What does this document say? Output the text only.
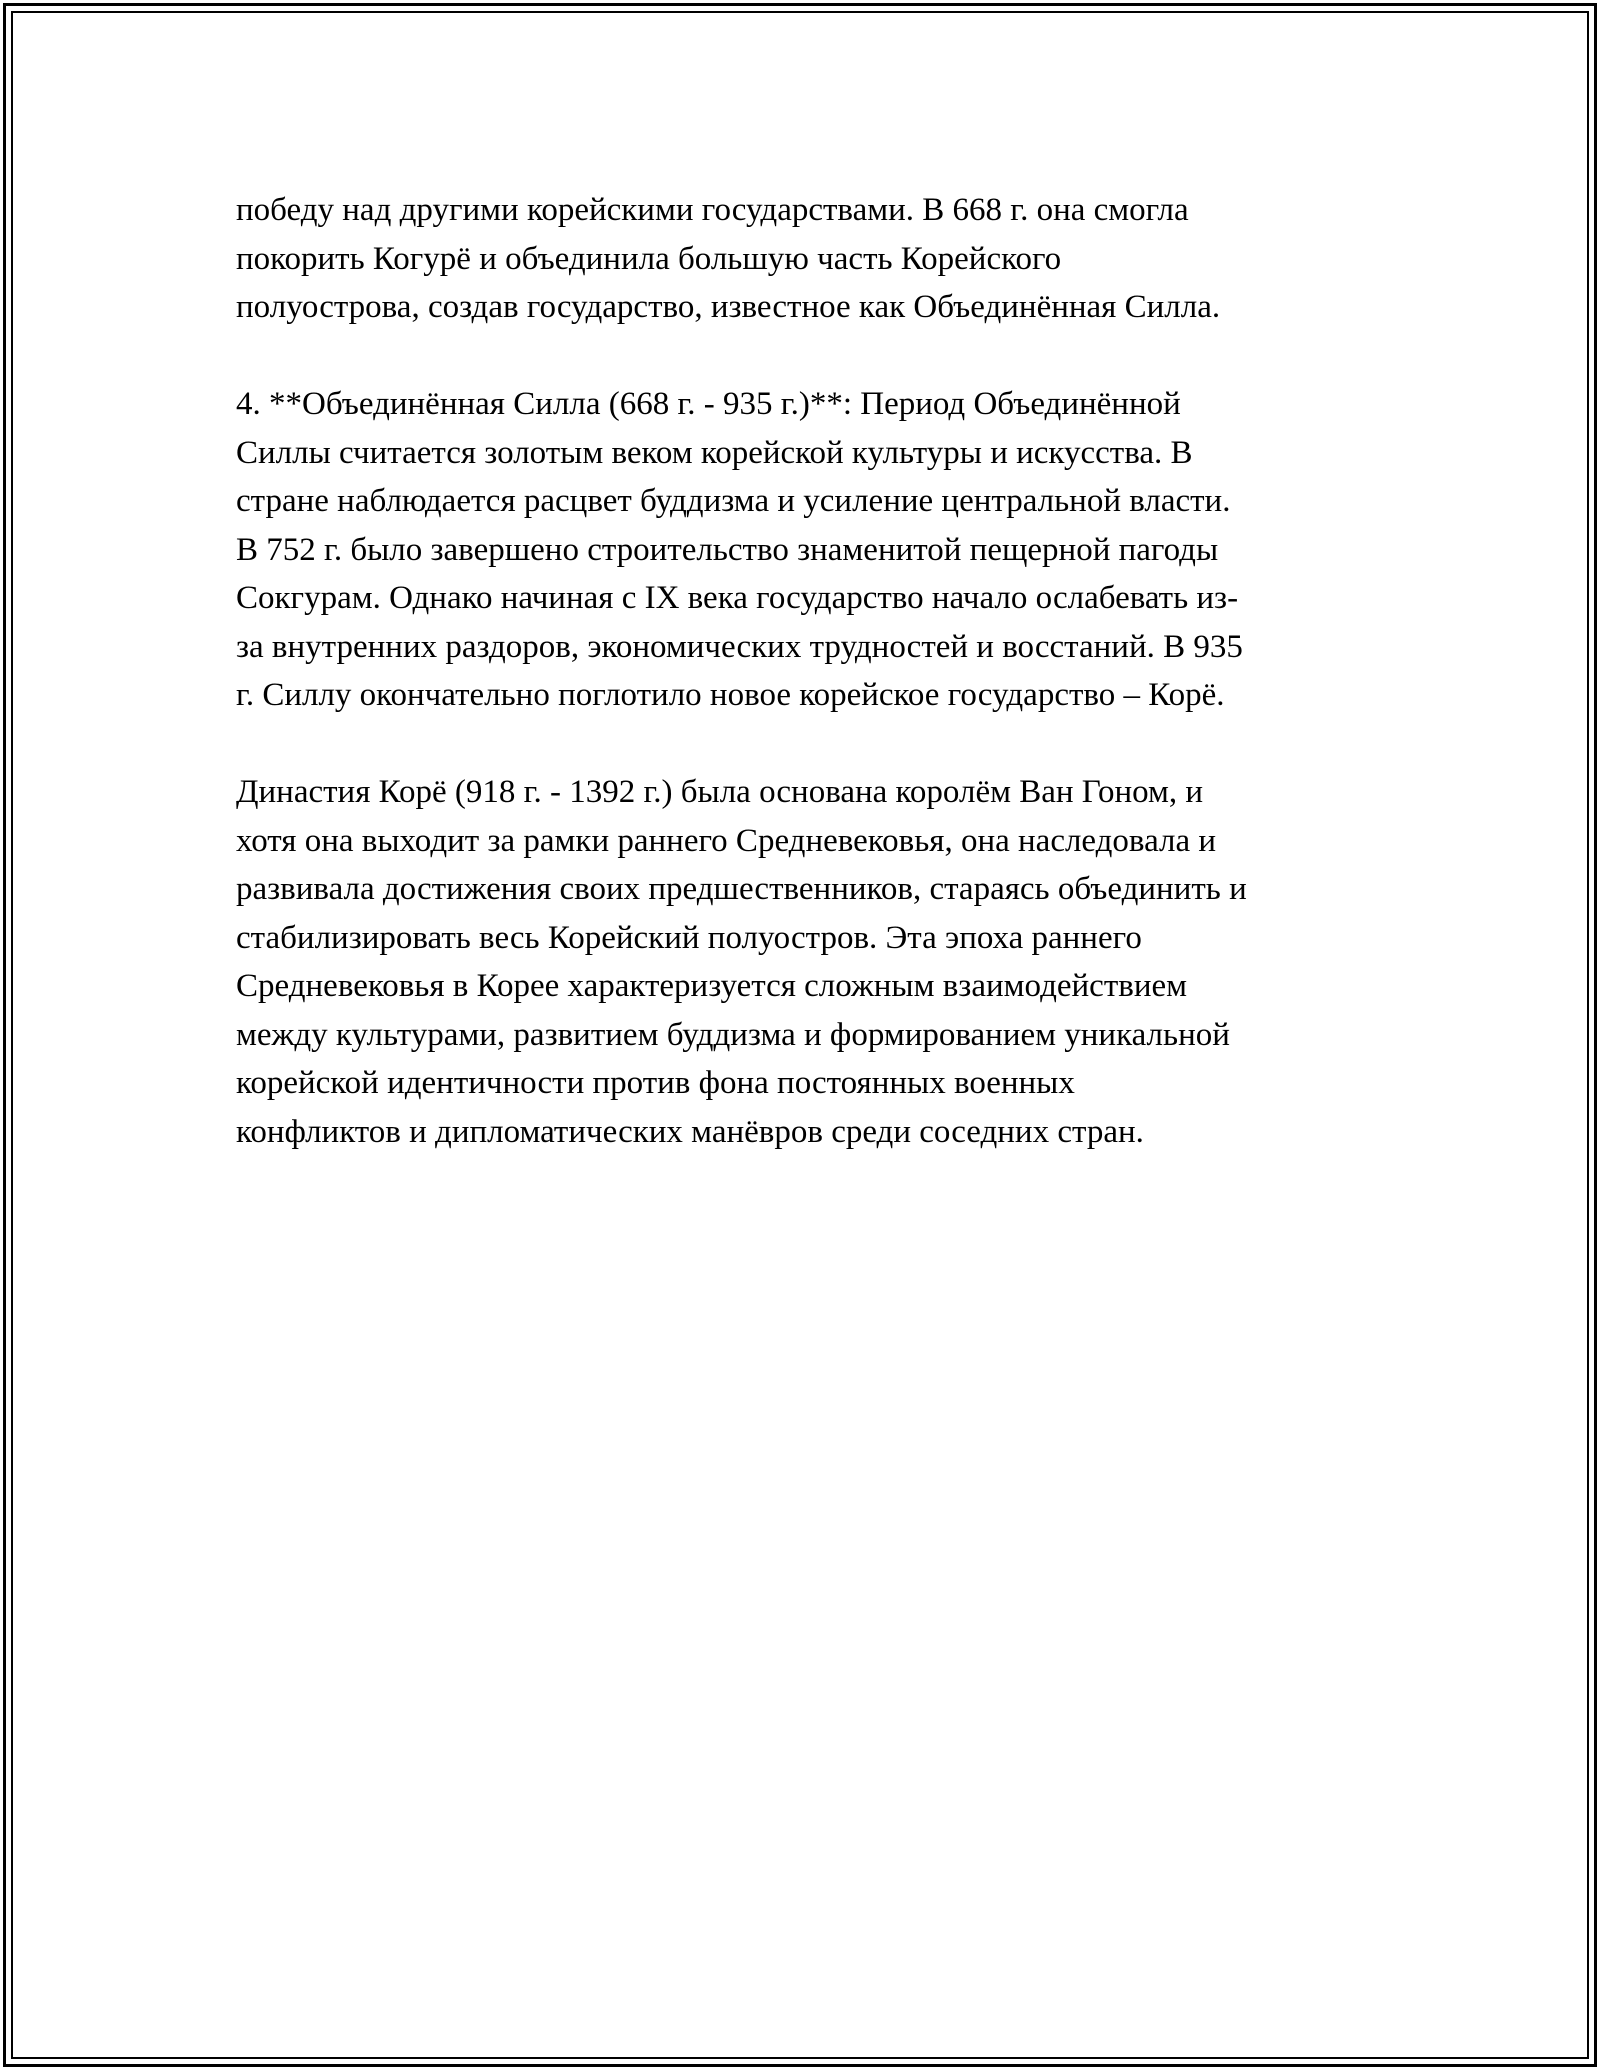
победу над другими корейскими государствами. В 668 г. она смогла
покорить Когурё и объединила большую часть Корейского
полуострова, создав государство, известное как Объединённая Силла.

4. **Объединённая Силла (668 г. - 935 г.)**: Период Объединённой
Силлы считается золотым веком корейской культуры и искусства. В
стране наблюдается расцвет буддизма и усиление центральной власти.
В 752 г. было завершено строительство знаменитой пещерной пагоды
Сокгурам. Однако начиная с IX века государство начало ослабевать из-
за внутренних раздоров, экономических трудностей и восстаний. В 935
г. Силлу окончательно поглотило новое корейское государство – Корё.

Династия Корё (918 г. - 1392 г.) была основана королём Ван Гоном, и
хотя она выходит за рамки раннего Средневековья, она наследовала и
развивала достижения своих предшественников, стараясь объединить и
стабилизировать весь Корейский полуостров. Эта эпоха раннего
Средневековья в Корее характеризуется сложным взаимодействием
между культурами, развитием буддизма и формированием уникальной
корейской идентичности против фона постоянных военных
конфликтов и дипломатических манёвров среди соседних стран.
